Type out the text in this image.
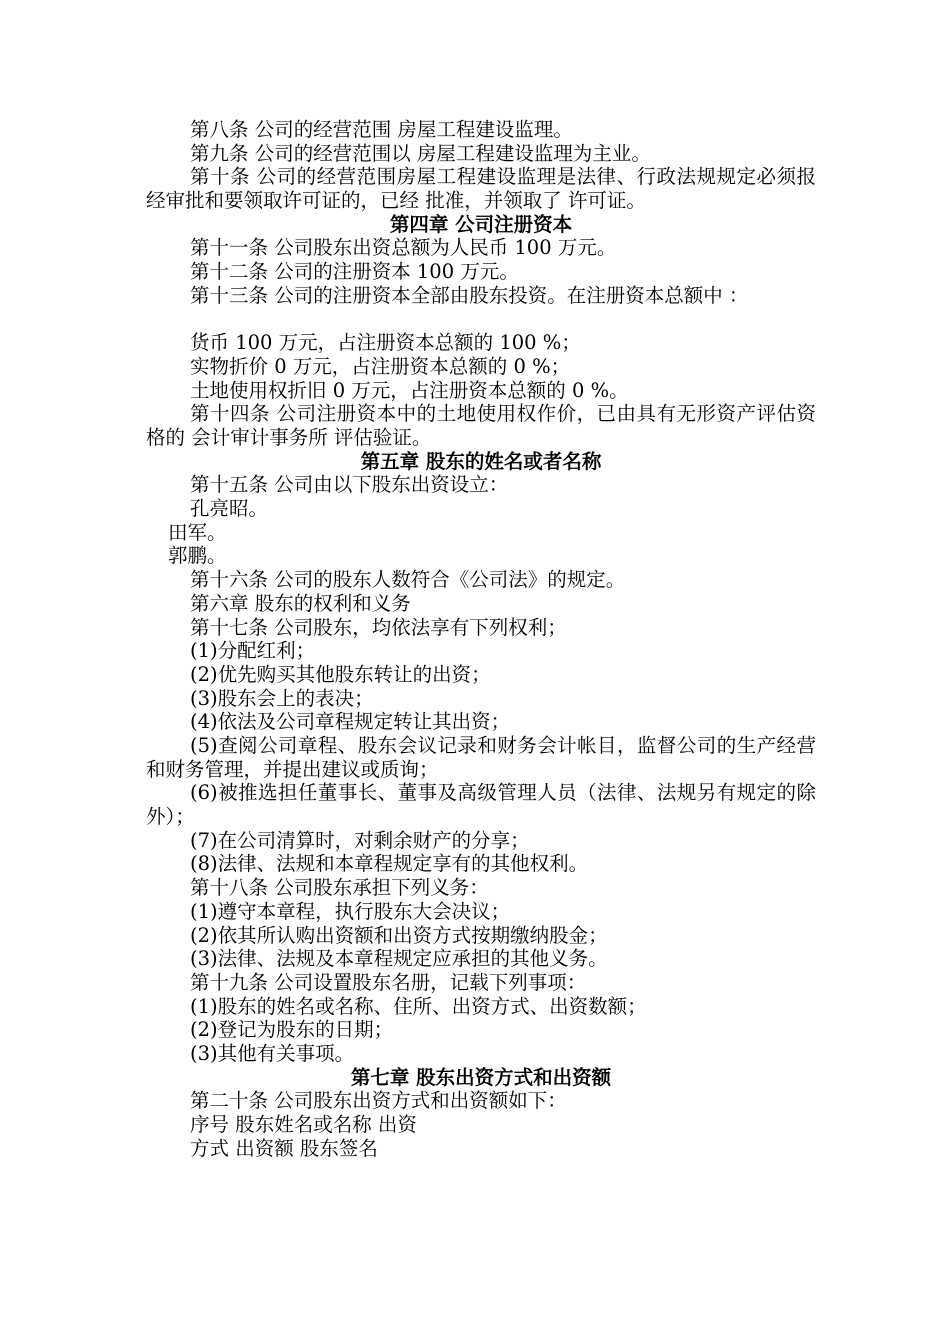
第八条 公司的经营范围 房屋工程建设监理。
第九条 公司的经营范围以 房屋工程建设监理为主业。
第十条 公司的经营范围房屋工程建设监理是法律、行政法规规定必须报经审批和要领取许可证的，已经 批准，并领取了 许可证。
第四章 公司注册资本
第十一条 公司股东出资总额为人民币 100 万元。
第十二条 公司的注册资本 100 万元。
第十三条 公司的注册资本全部由股东投资。在注册资本总额中 ：
货币 100 万元，占注册资本总额的 100 %；
实物折价 0 万元，占注册资本总额的 0 %；
土地使用权折旧 0 万元，占注册资本总额的 0 %。
第十四条 公司注册资本中的土地使用权作价，已由具有无形资产评估资格的 会计审计事务所 评估验证。
第五章 股东的姓名或者名称
第十五条 公司由以下股东出资设立：
孔亮昭。
田军。
郭鹏。
第十六条 公司的股东人数符合《公司法》的规定。
第六章 股东的权利和义务
第十七条 公司股东，均依法享有下列权利；
(1)分配红利；
(2)优先购买其他股东转让的出资；
(3)股东会上的表决；
(4)依法及公司章程规定转让其出资；
(5)查阅公司章程、股东会议记录和财务会计帐目，监督公司的生产经营和财务管理，并提出建议或质询；
(6)被推选担任董事长、董事及高级管理人员（法律、法规另有规定的除外）；
(7)在公司清算时，对剩余财产的分享；
(8)法律、法规和本章程规定享有的其他权利。
第十八条 公司股东承担下列义务：
(1)遵守本章程，执行股东大会决议；
(2)依其所认购出资额和出资方式按期缴纳股金；
(3)法律、法规及本章程规定应承担的其他义务。
第十九条 公司设置股东名册，记载下列事项：
(1)股东的姓名或名称、住所、出资方式、出资数额；
(2)登记为股东的日期；
(3)其他有关事项。
第七章 股东出资方式和出资额
第二十条 公司股东出资方式和出资额如下：
序号 股东姓名或名称 出资
方式 出资额 股东签名
